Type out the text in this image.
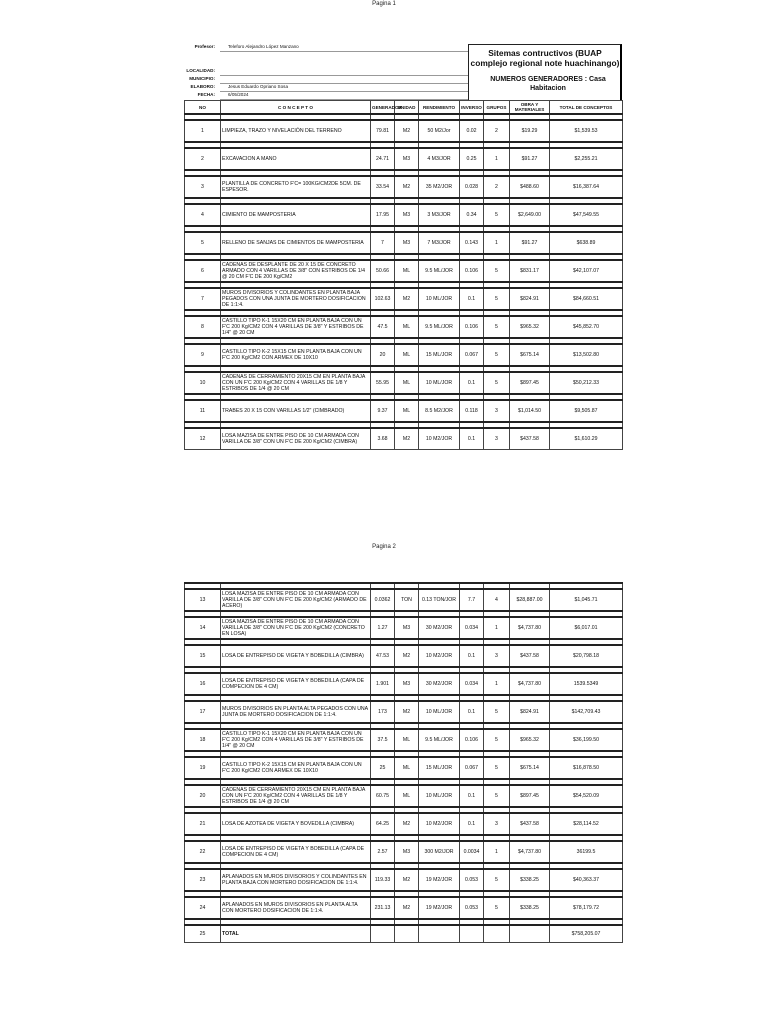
Pagina 1
Profesor:	Teleforo Alejandro López Manzano
LOCALIDAD:
MUNICIPIO:
ELABORO:	Jesus Eduardo Opriano Sosa
FECHA:	6/05/2024
Sitemas contructivos (BUAP complejo regional note huachinango)
NUMEROS GENERADORES : Casa Habitacion
NO	C O N C E P T O	GENERADOR	UNIDAD	RENDIMIENTO	INVERSO	GRUPOS	OBRA Y MATERIALES	TOTAL DE CONCEPTOS

1	LIMPIEZA, TRAZO Y NIVELACIÓN DEL TERRENO	79.81	M2	50 M2/Jor	0.02	2	$19.29	$1,539.53

2	EXCAVACION A MANO	24.71	M3	4 M3/JOR	0.25	1	$91.27	$2,255.21

3	PLANTILLA DE CONCRETO F'C= 100KG/CM2DE 5CM. DE ESPESOR.	33.54	M2	35 M2/JOR	0.028	2	$488.60	$16,387.64

4	CIMIENTO DE MAMPOSTERIA	17.95	M3	3 M3/JOR	0.34	5	$2,649.00	$47,549.55

5	RELLENO DE SANJAS DE CIMIENTOS DE MAMPOSTERIA	7	M3	7 M3/JOR	0.143	1	$91.27	$638.89

6	CADENAS DE DESPLANTE DE 20 X 15 DE CONCRETO ARMADO CON 4 VARILLAS DE 3/8" CON ESTRIBOS DE 1/4 @ 20 CM F'C DE 200 Kg/CM2	50.66	ML	9.5 ML/JOR	0.106	5	$831.17	$42,107.07

7	MUROS DIVISORIOS Y COLINDANTES EN PLANTA BAJA PEGADOS CON UNA JUNTA DE MORTERO DOSIFICACION DE 1:1:4.	102.63	M2	10 ML/JOR	0.1	5	$824.91	$84,660.51

8	CASTILLO TIPO K-1 15X20 CM EN PLANTA BAJA CON UN F'C 200 Kg/CM2 CON 4 VARILLAS DE 3/8" Y ESTRIBOS DE 1/4" @ 20 CM	47.5	ML	9.5 ML/JOR	0.106	5	$965.32	$45,852.70

9	CASTILLO TIPO K-2 15X15 CM EN PLANTA BAJA CON UN F'C 200 Kg/CM2 CON ARMEX DE 10X10	20	ML	15 ML/JOR	0.067	5	$675.14	$13,502.80

10	CADENAS DE CERRAMIENTO 20X15 CM EN PLANTA BAJA CON UN F'C 200 Kg/CM2 CON 4 VARILLAS DE 1/8 Y ESTRIBOS DE 1/4 @ 20 CM	55.95	ML	10 ML/JOR	0.1	5	$897.45	$50,212.33

11	TRABES 20 X 15 CON VARILLAS 1/2" (CIMBRADO)	9.37	ML	8.5 M2/JOR	0.118	3	$1,014.50	$9,505.87

12	LOSA MAZISA DE ENTRE PISO DE 10 CM ARMADA CON VARILLA DE 3/8" CON UN F'C DE 200 Kg/CM2 (CIMBRA)	3.68	M2	10 M2/JOR	0.1	3	$437.58	$1,610.29
Pagina 2

13	LOSA MAZISA DE ENTRE PISO DE 10 CM ARMADA CON VARILLA DE 3/8" CON UN F'C DE 200 Kg/CM2 (ARMADO DE ACERO)	0.0362	TON	0.13 TON/JOR	7.7	4	$28,887.00	$1,045.71

14	LOSA MAZISA DE ENTRE PISO DE 10 CM ARMADA CON VARILLA DE 3/8" CON UN F'C DE 200 Kg/CM2 (CONCRETO EN LOSA)	1.27	M3	30 M2/JOR	0.034	1	$4,737.80	$6,017.01

15	LOSA DE ENTREPISO DE VIGETA Y BOBEDILLA (CIMBRA)	47.53	M2	10 M2/JOR	0.1	3	$437.58	$20,798.18

16	LOSA DE ENTREPISO DE VIGETA Y BOBEDILLA (CAPA DE COMPECION DE 4 CM)	1.901	M3	30 M2/JOR	0.034	1	$4,737.80	1539.5349

17	MUROS DIVISORIOS EN PLANTA ALTA PEGADOS CON UNA JUNTA DE MORTERO DOSIFICACION DE 1:1:4.	173	M2	10 ML/JOR	0.1	5	$824.91	$142,709.43

18	CASTILLO TIPO K-1 15X20 CM EN PLANTA BAJA CON UN F'C 200 Kg/CM2 CON 4 VARILLAS DE 3/8" Y ESTRIBOS DE 1/4" @ 20 CM	37.5	ML	9.5 ML/JOR	0.106	5	$965.32	$36,199.50

19	CASTILLO TIPO K-2 15X15 CM EN PLANTA BAJA CON UN F'C 200 Kg/CM2 CON ARMEX DE 10X10	25	ML	15 ML/JOR	0.067	5	$675.14	$16,878.50

20	CADENAS DE CERRAMIENTO 20X15 CM EN PLANTA BAJA CON UN F'C 200 Kg/CM2 CON 4 VARILLAS DE 1/8 Y ESTRIBOS DE 1/4 @ 20 CM	60.75	ML	10 ML/JOR	0.1	5	$897.45	$54,520.09

21	LOSA DE AZOTEA DE VIGETA Y BOVEDILLA (CIMBRA)	64.25	M2	10 M2/JOR	0.1	3	$437.58	$28,114.52

22	LOSA DE ENTREPISO DE VIGETA Y BOBEDILLA (CAPA DE COMPECION DE 4 CM)	2.57	M3	300 M2/JOR	0.0034	1	$4,737.80	36199.5

23	APLANADOS EN MUROS DIVISORIOS Y COLINDANTES EN PLANTA BAJA CON MORTERO DOSIFICACION DE 1:1:4.	119.33	M2	19 M2/JOR	0.053	5	$338.25	$40,363.37

24	APLANADOS EN MUROS DIVISORIOS EN PLANTA ALTA CON MORTERO DOSIFICACION DE 1:1:4.	231.13	M2	19 M2/JOR	0.053	5	$338.25	$78,179.72

25	TOTAL							$758,205.07
